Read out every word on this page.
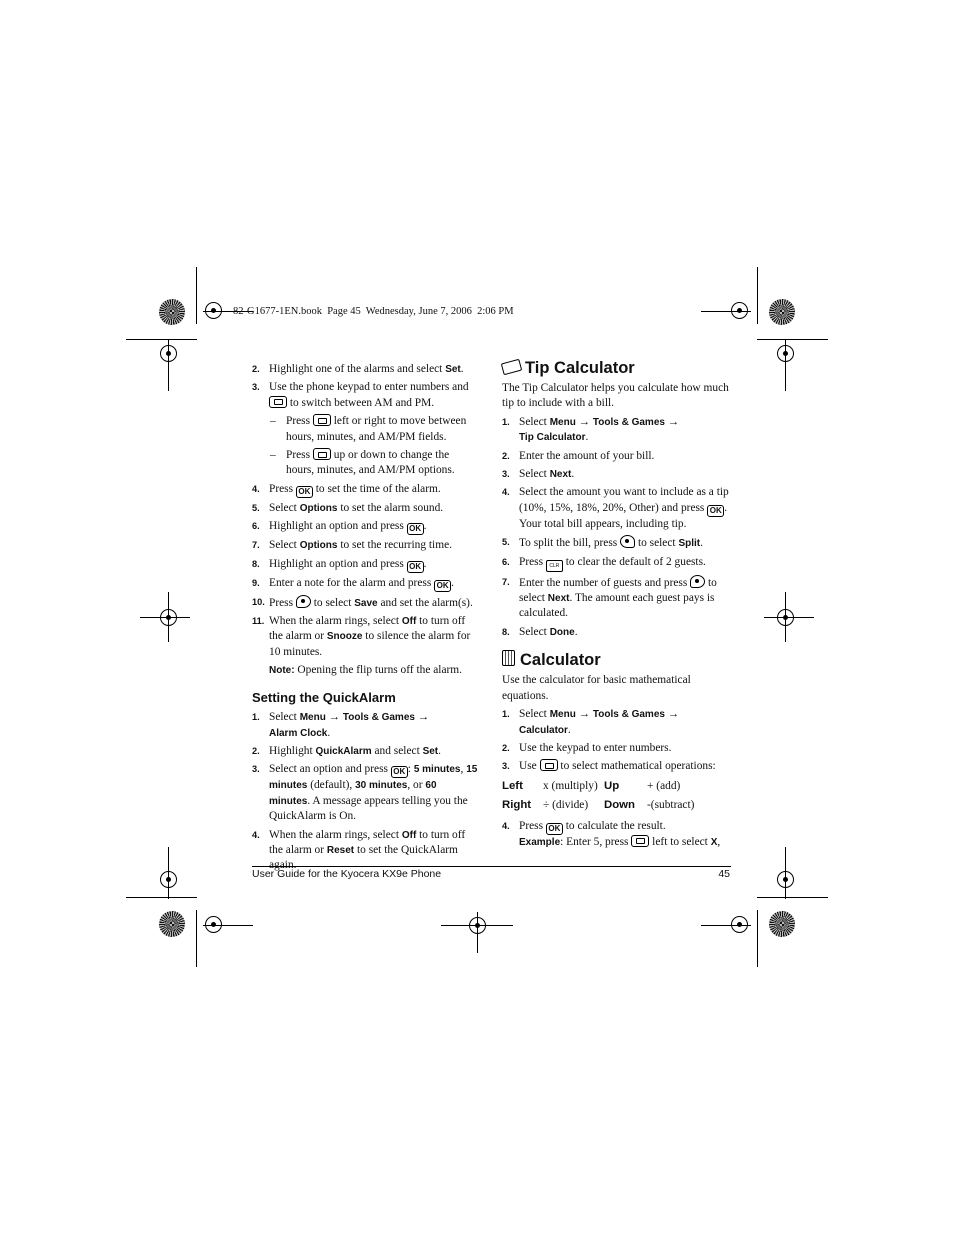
82-G1677-1EN.book  Page 45  Wednesday, June 7, 2006  2:06 PM
2. Highlight one of the alarms and select Set.
3. Use the phone keypad to enter numbers and
to switch between AM and PM.
– Press  left or right to move between hours, minutes, and AM/PM fields.
– Press  up or down to change the hours, minutes, and AM/PM options.
4. Press OK to set the time of the alarm.
5. Select Options to set the alarm sound.
6. Highlight an option and press OK .
7. Select Options to set the recurring time.
8. Highlight an option and press OK .
9. Enter a note for the alarm and press OK .
10. Press  to select Save and set the alarm(s).
11. When the alarm rings, select Off to turn off the alarm or Snooze to silence the alarm for 10 minutes.
Note: Opening the flip turns off the alarm.
Setting the QuickAlarm
1. Select Menu → Tools & Games →
Alarm Clock.
2. Highlight QuickAlarm and select Set.
3. Select an option and press OK : 5 minutes, 15 minutes (default), 30 minutes, or 60 minutes. A message appears telling you the QuickAlarm is On.
4. When the alarm rings, select Off to turn off the alarm or Reset to set the QuickAlarm
Tip Calculator
The Tip Calculator helps you calculate how much tip to include with a bill.
1. Select Menu → Tools & Games →
Tip Calculator.
2. Enter the amount of your bill.
3. Select Next.
4. Select the amount you want to include as a tip (10%, 15%, 18%, 20%, Other) and press OK . Your total bill appears, including tip.
5. To split the bill, press  to select Split.
6. Press CLR to clear the default of 2 guests.
7. Enter the number of guests and press  to select Next. The amount each guest pays is calculated.
8. Select Done.
Calculator
Use the calculator for basic mathematical equations.
1. Select Menu → Tools & Games → Calculator.
2. Use the keypad to enter numbers.
3. Use  to select mathematical operations:
Left	x (multiply)	Up	+ (add)
Right	÷ (divide)	Down	-(subtract)
4. Press OK to calculate the result.
Example: Enter 5, press  left to select X,
User Guide for the Kyocera KX9e Phone	45
